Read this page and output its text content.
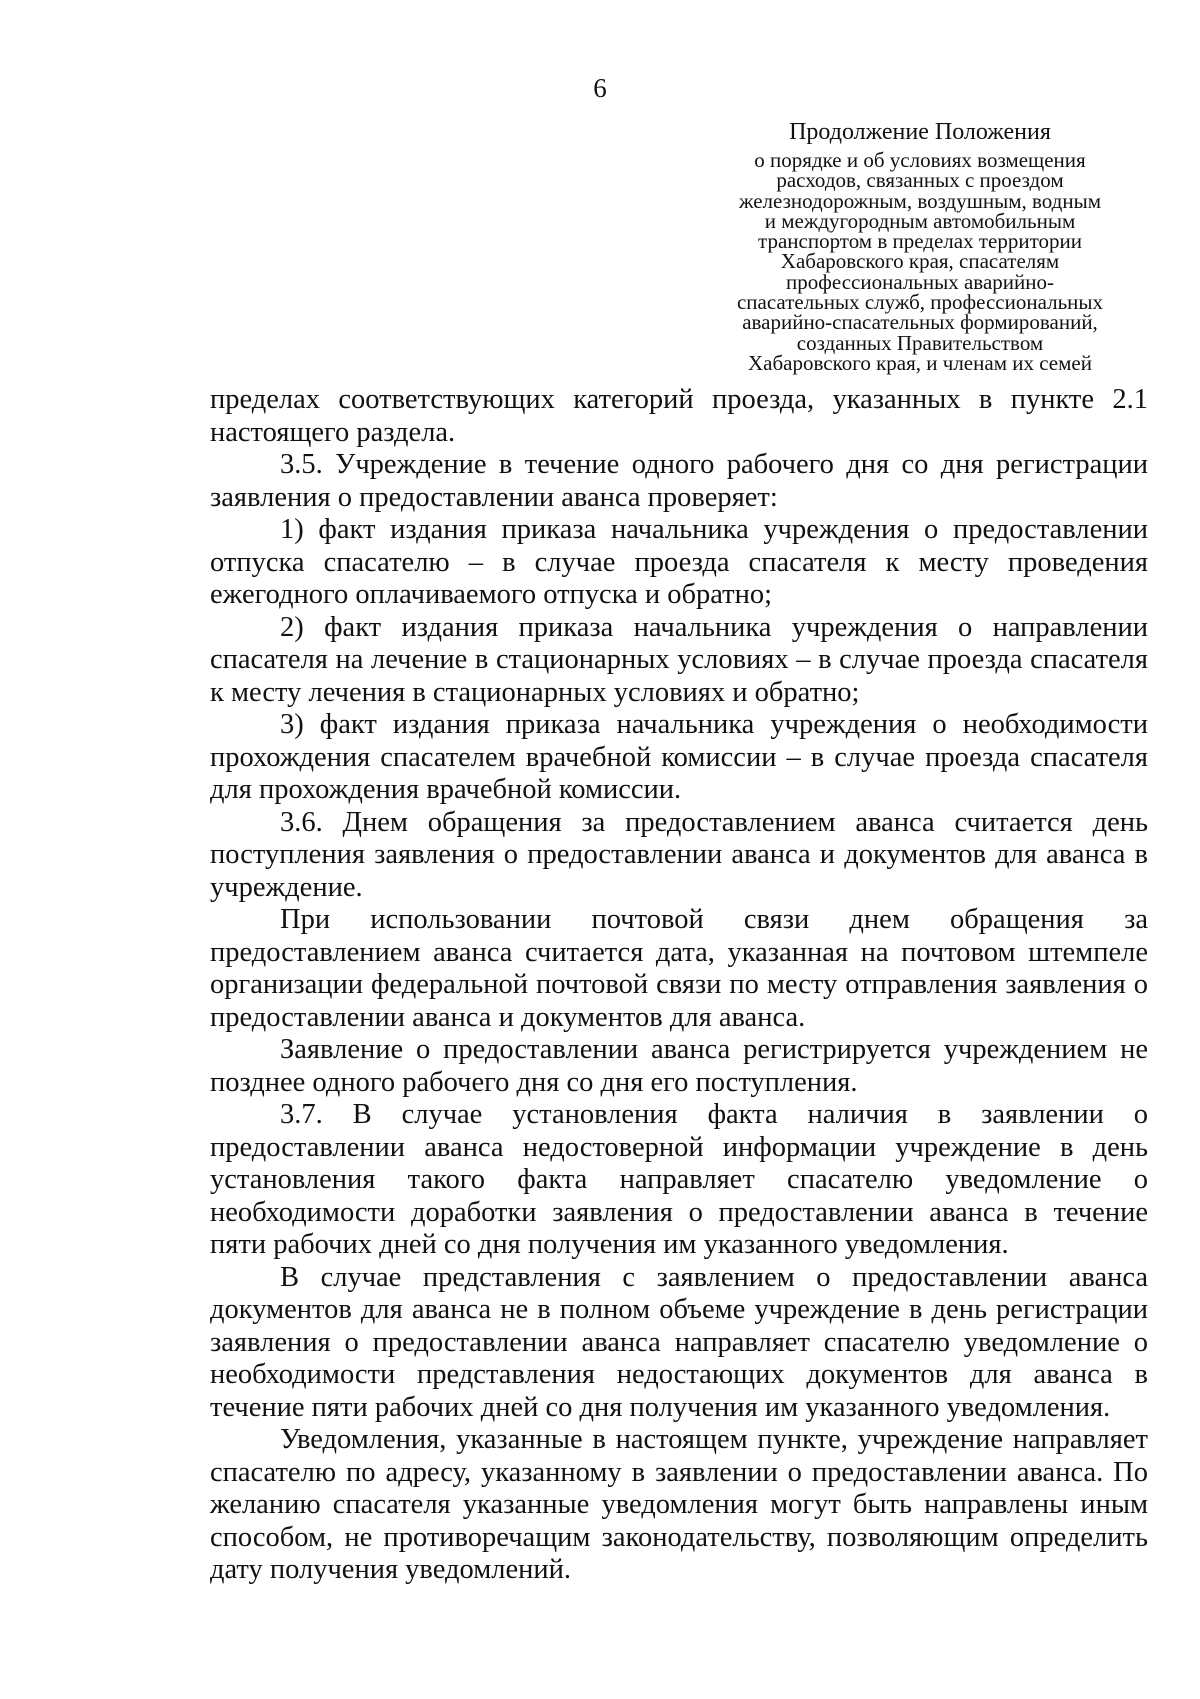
6
Продолжение Положения
о порядке и об условиях возмещения
расходов, связанных с проездом
железнодорожным, воздушным, водным
и междугородным автомобильным
транспортом в пределах территории
Хабаровского края, спасателям
профессиональных аварийно-
спасательных служб, профессиональных
аварийно-спасательных формирований,
созданных Правительством
Хабаровского края, и членам их семей

пределах соответствующих категорий проезда, указанных в пункте 2.1 настоящего раздела.

3.5. Учреждение в течение одного рабочего дня со дня регистрации заявления о предоставлении аванса проверяет:

1) факт издания приказа начальника учреждения о предоставлении отпуска спасателю – в случае проезда спасателя к месту проведения ежегодного оплачиваемого отпуска и обратно;

2) факт издания приказа начальника учреждения о направлении спасателя на лечение в стационарных условиях – в случае проезда спасателя к месту лечения в стационарных условиях и обратно;

3) факт издания приказа начальника учреждения о необходимости прохождения спасателем врачебной комиссии – в случае проезда спасателя для прохождения врачебной комиссии.

3.6. Днем обращения за предоставлением аванса считается день поступления заявления о предоставлении аванса и документов для аванса в учреждение.

При использовании почтовой связи днем обращения за предоставлением аванса считается дата, указанная на почтовом штемпеле организации федеральной почтовой связи по месту отправления заявления о предоставлении аванса и документов для аванса.

Заявление о предоставлении аванса регистрируется учреждением не позднее одного рабочего дня со дня его поступления.

3.7. В случае установления факта наличия в заявлении о предоставлении аванса недостоверной информации учреждение в день установления такого факта направляет спасателю уведомление о необходимости доработки заявления о предоставлении аванса в течение пяти рабочих дней со дня получения им указанного уведомления.

В случае представления с заявлением о предоставлении аванса документов для аванса не в полном объеме учреждение в день регистрации заявления о предоставлении аванса направляет спасателю уведомление о необходимости представления недостающих документов для аванса в течение пяти рабочих дней со дня получения им указанного уведомления.

Уведомления, указанные в настоящем пункте, учреждение направляет спасателю по адресу, указанному в заявлении о предоставлении аванса. По желанию спасателя указанные уведомления могут быть направлены иным способом, не противоречащим законодательству, позволяющим определить дату получения уведомлений.
